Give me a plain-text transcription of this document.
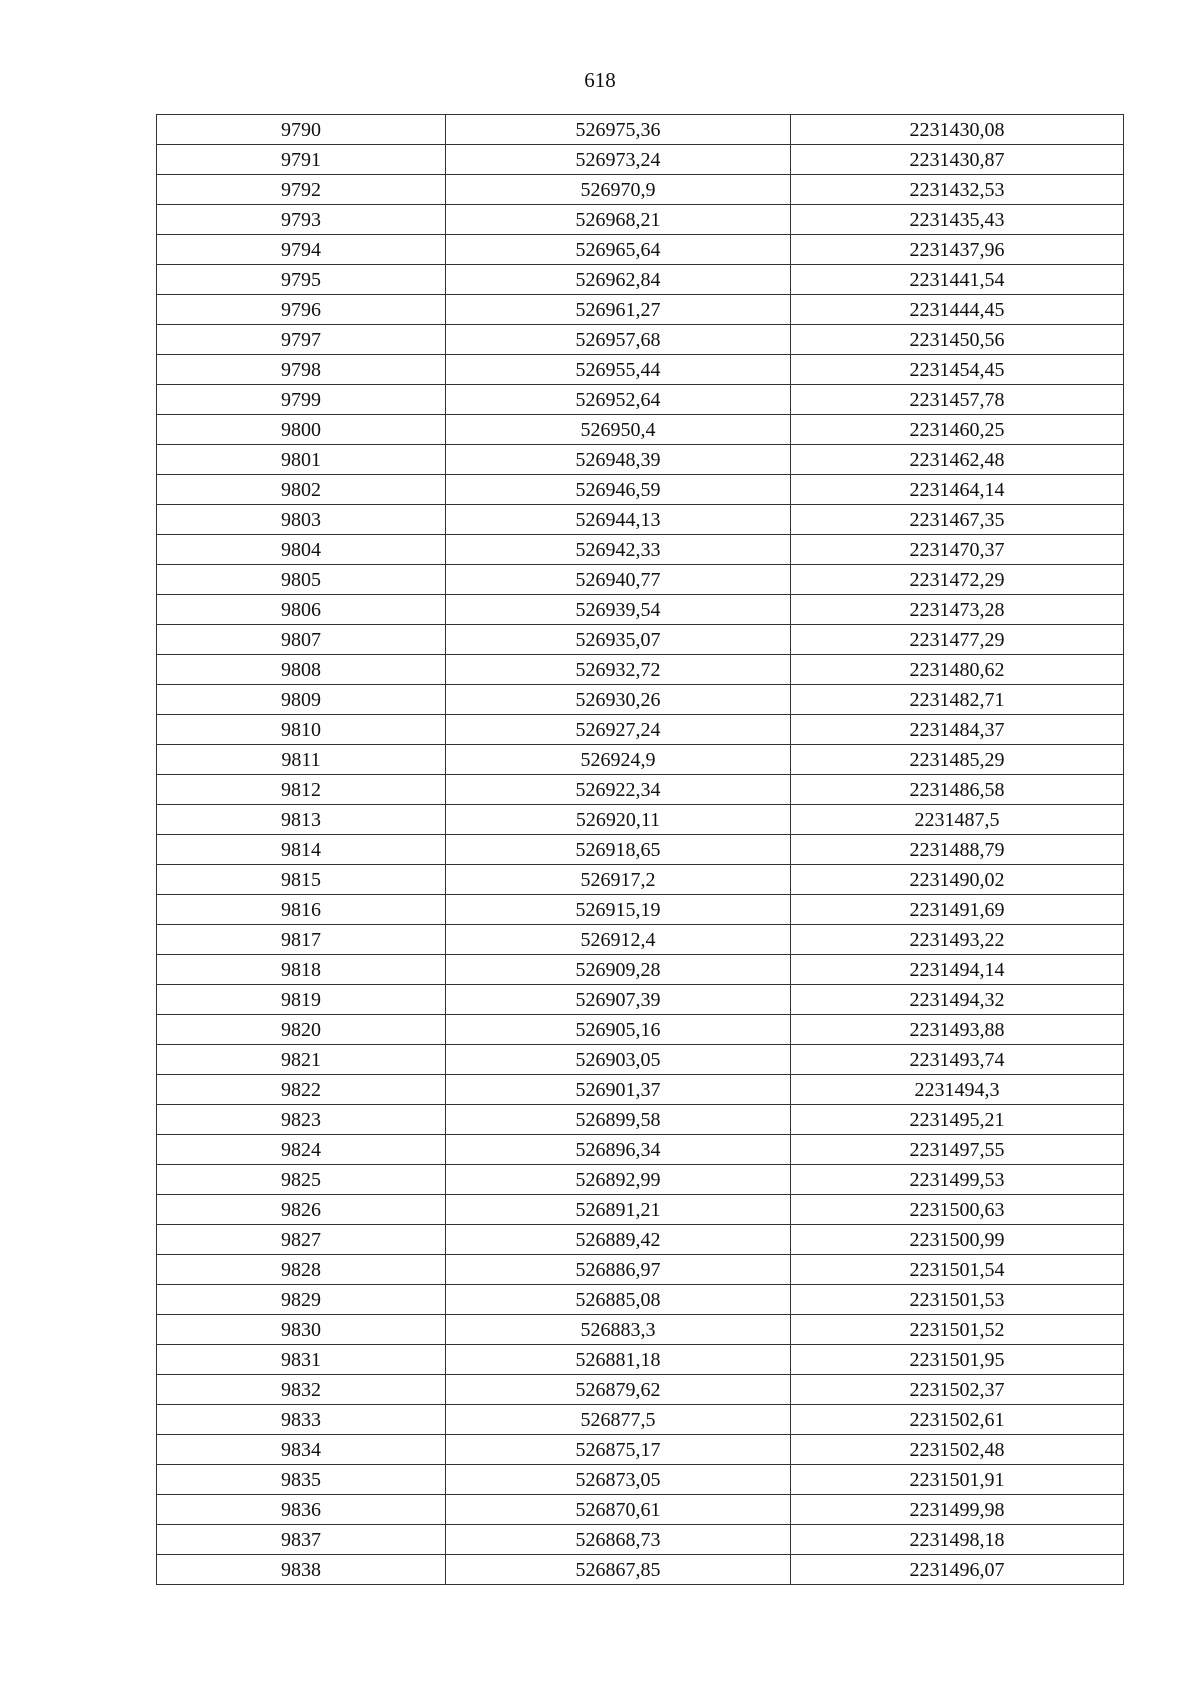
618
9790	526975,36	2231430,08
9791	526973,24	2231430,87
9792	526970,9	2231432,53
9793	526968,21	2231435,43
9794	526965,64	2231437,96
9795	526962,84	2231441,54
9796	526961,27	2231444,45
9797	526957,68	2231450,56
9798	526955,44	2231454,45
9799	526952,64	2231457,78
9800	526950,4	2231460,25
9801	526948,39	2231462,48
9802	526946,59	2231464,14
9803	526944,13	2231467,35
9804	526942,33	2231470,37
9805	526940,77	2231472,29
9806	526939,54	2231473,28
9807	526935,07	2231477,29
9808	526932,72	2231480,62
9809	526930,26	2231482,71
9810	526927,24	2231484,37
9811	526924,9	2231485,29
9812	526922,34	2231486,58
9813	526920,11	2231487,5
9814	526918,65	2231488,79
9815	526917,2	2231490,02
9816	526915,19	2231491,69
9817	526912,4	2231493,22
9818	526909,28	2231494,14
9819	526907,39	2231494,32
9820	526905,16	2231493,88
9821	526903,05	2231493,74
9822	526901,37	2231494,3
9823	526899,58	2231495,21
9824	526896,34	2231497,55
9825	526892,99	2231499,53
9826	526891,21	2231500,63
9827	526889,42	2231500,99
9828	526886,97	2231501,54
9829	526885,08	2231501,53
9830	526883,3	2231501,52
9831	526881,18	2231501,95
9832	526879,62	2231502,37
9833	526877,5	2231502,61
9834	526875,17	2231502,48
9835	526873,05	2231501,91
9836	526870,61	2231499,98
9837	526868,73	2231498,18
9838	526867,85	2231496,07
